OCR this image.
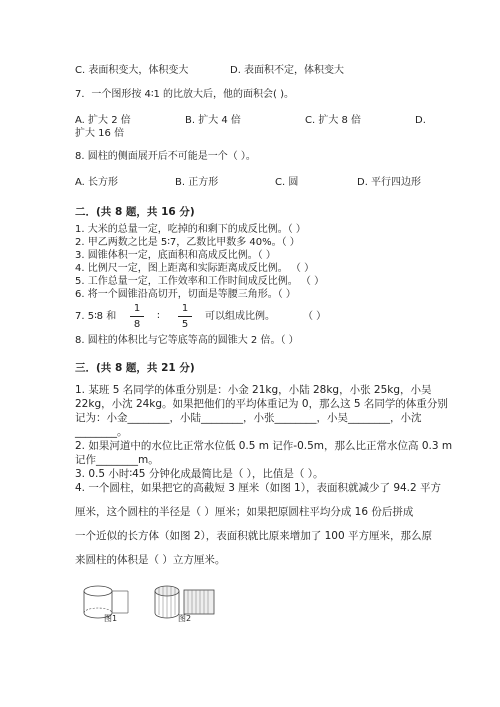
C. 表面积变大，体积变大	D. 表面积不定，体积变大
7．一个图形按 4∶1 的比放大后，他的面积会( )。
A. 扩大 2 倍	B. 扩大 4 倍	C. 扩大 8 倍	D.
扩大 16 倍
8. 圆柱的侧面展开后不可能是一个（ ）。
A. 长方形	B. 正方形	C. 圆	D. 平行四边形
二．(共 8 题，共 16 分)
1. 大米的总量一定，吃掉的和剩下的成反比例。（ ）
2. 甲乙两数之比是 5∶7，乙数比甲数多 40%。（ ）
3. 圆锥体积一定，底面积和高成反比例。（ ）
4. 比例尺一定，图上距离和实际距离成反比例。 （ ）
5. 工作总量一定，工作效率和工作时间成反比例。 （ ）
6. 将一个圆锥沿高切开，切面是等腰三角形。（ ）
7. 5∶8 和
1
8
∶
1
5
可以组成比例。	（ ）
8. 圆柱的体积比与它等底等高的圆锥大 2 倍。（ ）
三．(共 8 题，共 21 分)
1. 某班 5 名同学的体重分别是：小金 21kg，小陆 28kg，小张 25kg，小吴
22kg，小沈 24kg。如果把他们的平均体重记为 0，那么这 5 名同学的体重分别
记为：小金________，小陆________，小张________，小吴________，小沈
________。
2. 如果河道中的水位比正常水位低 0.5 m 记作-0.5m，那么比正常水位高 0.3 m
记作________m。
3. 0.5 小时∶45 分钟化成最简比是（ ），比值是（ ）。
4. 一个圆柱，如果把它的高截短 3 厘米（如图 1），表面积就减少了 94.2 平方
厘米，这个圆柱的半径是（ ）厘米；如果把原圆柱平均分成 16 份后拼成
一个近似的长方体（如图 2），表面积就比原来增加了 100 平方厘米，那么原
来圆柱的体积是（ ）立方厘米。
图1	图2
